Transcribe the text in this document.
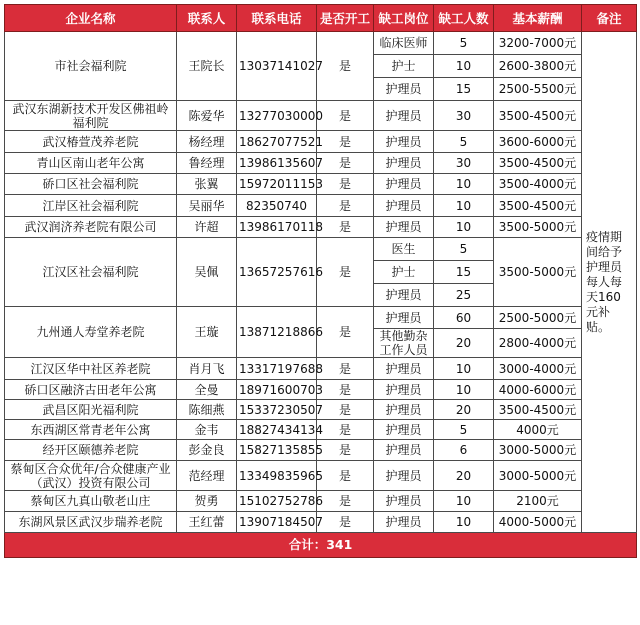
企业名称	联系人	联系电话	是否开工	缺工岗位	缺工人数	基本薪酬	备注
市社会福利院	王院长	13037141027	是	临床医师	5	3200-7000元	疫情期间给予护理员每人每天160元补贴。
				护士	10	2600-3800元	
				护理员	15	2500-5500元	
武汉东湖新技术开发区佛祖岭福利院	陈爱华	13277030000	是	护理员	30	3500-4500元	
武汉椿萱茂养老院	杨经理	18627077521	是	护理员	5	3600-6000元	
青山区南山老年公寓	鲁经理	13986135607	是	护理员	30	3500-4500元	
硚口区社会福利院	张翼	15972011153	是	护理员	10	3500-4000元	
江岸区社会福利院	吴丽华	82350740	是	护理员	10	3500-4500元	
武汉润济养老院有限公司	许超	13986170118	是	护理员	10	3500-5000元	
江汉区社会福利院	吴佩	13657257616	是	医生	5	3500-5000元	
				护士	15		
				护理员	25		
九州通人寿堂养老院	王璇	13871218866	是	护理员	60	2500-5000元	
				其他勤杂工作人员	20	2800-4000元	
江汉区华中社区养老院	肖月飞	13317197688	是	护理员	10	3000-4000元	
硚口区融济古田老年公寓	全曼	18971600703	是	护理员	10	4000-6000元	
武昌区阳光福利院	陈细燕	15337230507	是	护理员	20	3500-4500元	
东西湖区常青老年公寓	金韦	18827434134	是	护理员	5	4000元	
经开区颐德养老院	彭金良	15827135855	是	护理员	6	3000-5000元	
蔡甸区合众优年/合众健康产业（武汉）投资有限公司	范经理	13349835965	是	护理员	20	3000-5000元	
蔡甸区九真山敬老山庄	贺勇	15102752786	是	护理员	10	2100元	
东湖风景区武汉步瑞养老院	王红蕾	13907184507	是	护理员	10	4000-5000元	
合计：341							
